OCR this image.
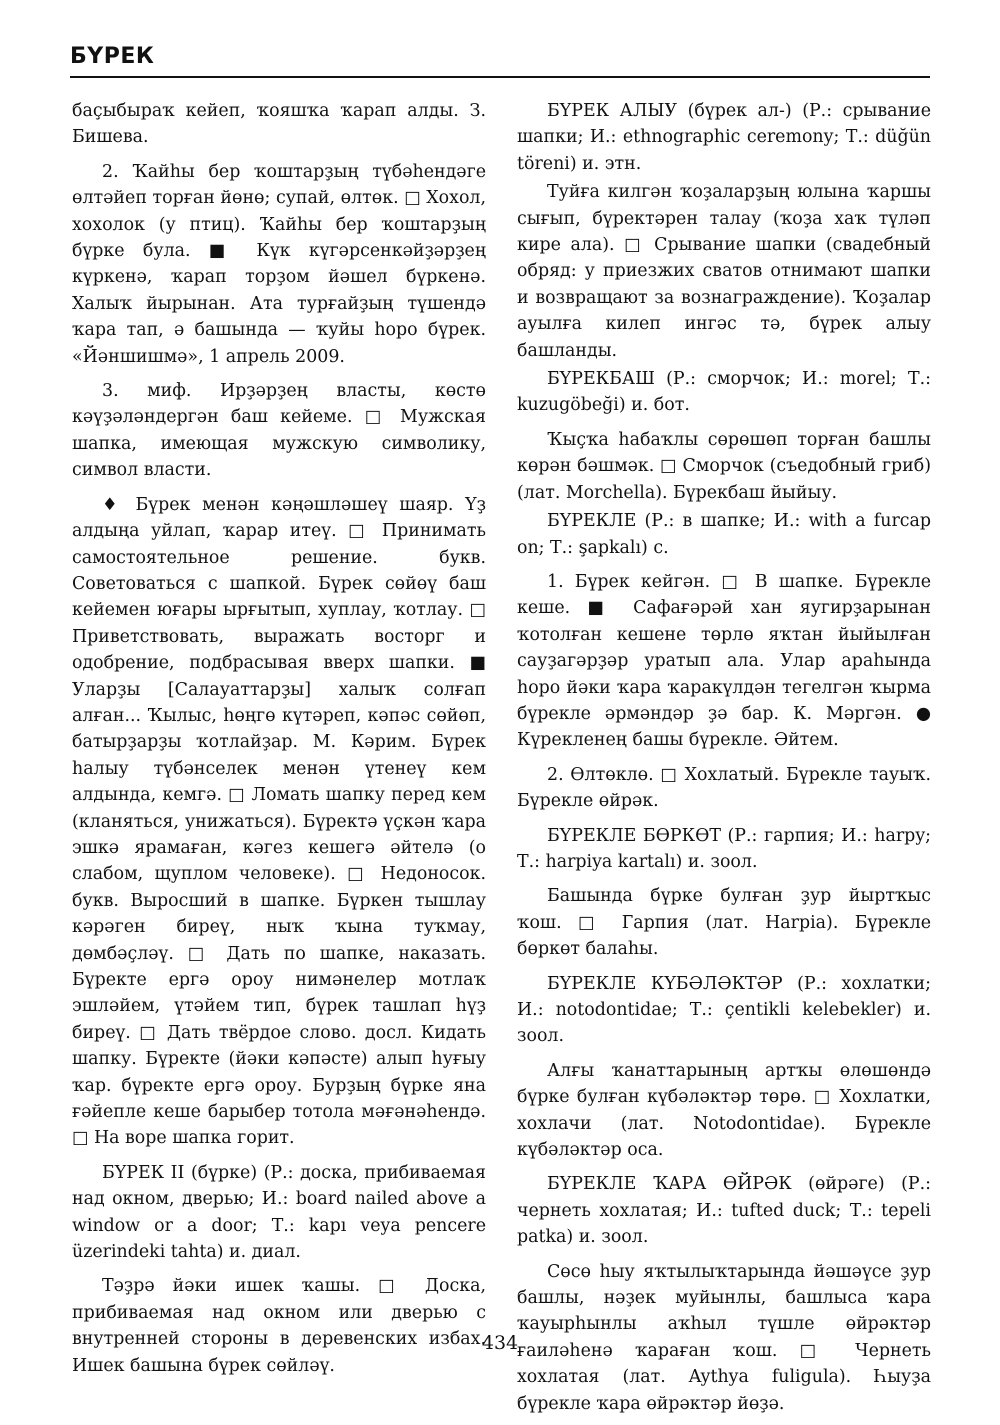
БҮРЕК

баҫыбыраҡ кейеп, ҡояшҡа ҡарап алды. З. Бишева.

2. Ҡайһы бер ҡоштарҙың түбәһендәге өлтәйеп торған йөнө; супай, өлтөк. □ Хохол, хохолок (у птиц). Ҡайһы бер ҡоштарҙың бүрке була. ■ Күк күгәрсенкәйҙәрҙең күркенә, ҡарап торҙом йәшел бүркенә. Халыҡ йырынан. Ата турғайҙың түшендә ҡара тап, ә башында — ҡуйы һоро бүрек. «Йәншишмә», 1 апрель 2009.

3. миф. Ирҙәрҙең власты, көстө кәүҙәләндергән баш кейеме. □ Мужская шапка, имеющая мужскую символику, символ власти.

♦ Бүрек менән кәңәшләшеү шаяр. Үҙ алдыңа уйлап, ҡарар итеү. □ Принимать самостоятельное решение. букв. Советоваться с шапкой. Бүрек сөйөү баш кейемен юғары ырғытып, хуплау, ҡотлау. □ Приветствовать, выражать восторг и одобрение, подбрасывая вверх шапки. ■ Уларҙы [Салауаттарҙы] халыҡ солғап алған... Ҡылыс, һөңгө күтәреп, кәпәс сөйөп, батырҙарҙы ҡотлайҙар. М. Кәрим. Бүрек һалыу түбәнселек менән үтенеү кем алдында, кемгә. □ Ломать шапку перед кем (кланяться, унижаться). Бүректә үҫкән ҡара эшкә ярамаған, кәгез кешегә әйтелә (о слабом, щуплом человеке). □ Недоносок. букв. Выросший в шапке. Бүркен тышлау кәрәген биреү, ныҡ ҡына туҡмау, дөмбәҫләү. □ Дать по шапке, наказать. Бүректе ергә ороу нимәнелер мотлаҡ эшләйем, үтәйем тип, бүрек ташлап һүҙ биреү. □ Дать твёрдое слово. досл. Кидать шапку. Бүректе (йәки кәпәсте) алып һуғыу ҡар. бүректе ергә ороу. Бурҙың бүрке яна ғәйепле кеше барыбер тотола мәғәнәһендә. □ На воре шапка горит.

БҮРЕК II (бүрке) (Р.: доска, прибиваемая над окном, дверью; И.: board nailed above a window or a door; Т.: kapı veya pencere üzerindeki tahta) и. диал.

Тәҙрә йәки ишек ҡашы. □ Доска, прибиваемая над окном или дверью с внутренней стороны в деревенских избах. Ишек башына бүрек сөйләү.

БҮРЕК АЛЫУ (бүрек ал-) (Р.: срывание шапки; И.: ethnographic ceremony; Т.: düğün töreni) и. этн.

Туйға килгән ҡоҙаларҙың юлына ҡаршы сығып, бүректәрен талау (ҡоҙа хаҡ түләп кире ала). □ Срывание шапки (свадебный обряд: у приезжих сватов отнимают шапки и возвращают за вознаграждение). Ҡоҙалар ауылға килеп ингәс тә, бүрек алыу башланды.

БҮРЕКБАШ (Р.: сморчок; И.: morel; Т.: kuzugöbeği) и. бот.

Ҡыҫҡа һабаҡлы сөрөшөп торған башлы көрән бәшмәк. □ Сморчок (съедобный гриб) (лат. Morchella). Бүрекбаш йыйыу.

БҮРЕКЛЕ (Р.: в шапке; И.: with a furcap on; Т.: şapkalı) с.

1. Бүрек кейгән. □ В шапке. Бүрекле кеше. ■ Сафағәрәй хан яугирҙарынан ҡотолған кешене төрлө яҡтан йыйылған сауҙагәрҙәр уратып ала. Улар араһында һоро йәки ҡара ҡаракүлдән тегелгән ҡырма бүрекле әрмәндәр ҙә бар. К. Мәргән. ● Күрекленең башы бүрекле. Әйтем.

2. Өлтөклө. □ Хохлатый. Бүрекле тауыҡ. Бүрекле өйрәк.

БҮРЕКЛЕ БӨРКӨТ (Р.: гарпия; И.: harpy; Т.: harpiya kartalı) и. зоол.

Башында бүрке булған ҙур йыртҡыс ҡош. □ Гарпия (лат. Harpia). Бүрекле бөркөт балаһы.

БҮРЕКЛЕ КҮБӘЛӘКТӘР (Р.: хохлатки; И.: notodontidae; Т.: çentikli kelebekler) и. зоол.

Алғы ҡанаттарының артҡы өлөшөндә бүрке булған күбәләктәр төрө. □ Хохлатки, хохлачи (лат. Notodontidae). Бүрекле күбәләктәр оса.

БҮРЕКЛЕ ҠАРА ӨЙРӘК (өйрәге) (Р.: чернеть хохлатая; И.: tufted duck; Т.: tepeli patka) и. зоол.

Сөсө һыу яҡтылыҡтарында йәшәүсе ҙур башлы, нәҙек муйынлы, башлыса ҡара ҡауырһынлы аҡһыл түшле өйрәктәр ғаиләһенә ҡараған ҡош. □ Чернеть хохлатая (лат. Aythya fuligula). Һыуҙа бүрекле ҡара өйрәктәр йөҙә.

434
